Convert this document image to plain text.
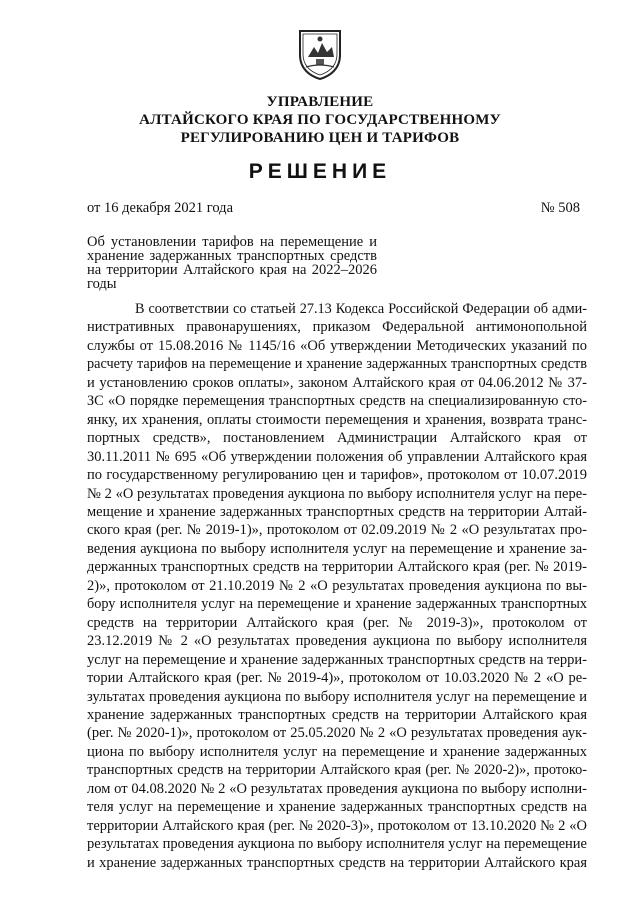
УПРАВЛЕНИЕ
АЛТАЙСКОГО КРАЯ ПО ГОСУДАРСТВЕННОМУ
РЕГУЛИРОВАНИЮ ЦЕН И ТАРИФОВ
РЕШЕНИЕ
от 16 декабря 2021 года	№ 508
Об установлении тарифов на перемещение и
хранение задержанных транспортных средств
на территории Алтайского края на 2022–2026
годы
В соответствии со статьей 27.13 Кодекса Российской Федерации об адми-
нистративных правонарушениях, приказом Федеральной антимонопольной
службы от 15.08.2016 № 1145/16 «Об утверждении Методических указаний по
расчету тарифов на перемещение и хранение задержанных транспортных средств
и установлению сроков оплаты», законом Алтайского края от 04.06.2012 № 37-
ЗС «О порядке перемещения транспортных средств на специализированную сто-
янку, их хранения, оплаты стоимости перемещения и хранения, возврата транс-
портных средств», постановлением Администрации Алтайского края от
30.11.2011 № 695 «Об утверждении положения об управлении Алтайского края
по государственному регулированию цен и тарифов», протоколом от 10.07.2019
№ 2 «О результатах проведения аукциона по выбору исполнителя услуг на пере-
мещение и хранение задержанных транспортных средств на территории Алтай-
ского края (рег. № 2019-1)», протоколом от 02.09.2019 № 2 «О результатах про-
ведения аукциона по выбору исполнителя услуг на перемещение и хранение за-
держанных транспортных средств на территории Алтайского края (рег. № 2019-
2)», протоколом от 21.10.2019 № 2 «О результатах проведения аукциона по вы-
бору исполнителя услуг на перемещение и хранение задержанных транспортных
средств на территории Алтайского края (рег. № 2019-3)», протоколом от
23.12.2019 № 2 «О результатах проведения аукциона по выбору исполнителя
услуг на перемещение и хранение задержанных транспортных средств на терри-
тории Алтайского края (рег. № 2019-4)», протоколом от 10.03.2020 № 2 «О ре-
зультатах проведения аукциона по выбору исполнителя услуг на перемещение и
хранение задержанных транспортных средств на территории Алтайского края
(рег. № 2020-1)», протоколом от 25.05.2020 № 2 «О результатах проведения аук-
циона по выбору исполнителя услуг на перемещение и хранение задержанных
транспортных средств на территории Алтайского края (рег. № 2020-2)», протоко-
лом от 04.08.2020 № 2 «О результатах проведения аукциона по выбору исполни-
теля услуг на перемещение и хранение задержанных транспортных средств на
территории Алтайского края (рег. № 2020-3)», протоколом от 13.10.2020 № 2 «О
результатах проведения аукциона по выбору исполнителя услуг на перемещение
и хранение задержанных транспортных средств на территории Алтайского края
